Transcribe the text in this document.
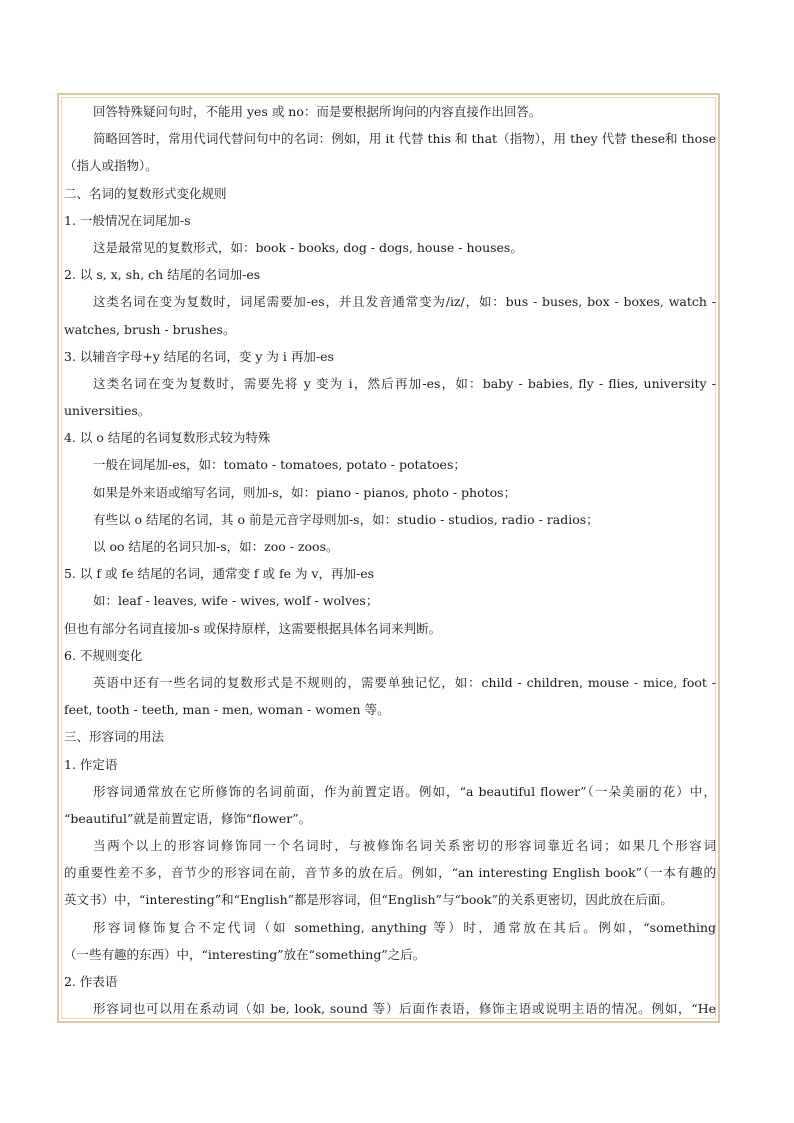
回答特殊疑问句时，不能用 yes 或 no：而是要根据所询问的内容直接作出回答。
简略回答时，常用代词代替问句中的名词：例如，用 it 代替 this 和 that（指物），用 they 代替 these和 those
（指人或指物）。
二、名词的复数形式变化规则
1. 一般情况在词尾加-s
这是最常见的复数形式，如：book - books, dog - dogs, house - houses。
2. 以 s, x, sh, ch 结尾的名词加-es
这类名词在变为复数时，词尾需要加-es，并且发音通常变为/iz/，如：bus - buses, box - boxes, watch -
watches, brush - brushes。
3. 以辅音字母+y 结尾的名词，变 y 为 i 再加-es
这类名词在变为复数时，需要先将 y 变为 i，然后再加-es，如：baby - babies, fly - flies, university -
universities。
4. 以 o 结尾的名词复数形式较为特殊
一般在词尾加-es，如：tomato - tomatoes, potato - potatoes；
如果是外来语或缩写名词，则加-s，如：piano - pianos, photo - photos；
有些以 o 结尾的名词，其 o 前是元音字母则加-s，如：studio - studios, radio - radios；
以 oo 结尾的名词只加-s，如：zoo - zoos。
5. 以 f 或 fe 结尾的名词，通常变 f 或 fe 为 v，再加-es
如：leaf - leaves, wife - wives, wolf - wolves；
但也有部分名词直接加-s 或保持原样，这需要根据具体名词来判断。
6. 不规则变化
英语中还有一些名词的复数形式是不规则的，需要单独记忆，如：child - children, mouse - mice, foot -
feet, tooth - teeth, man - men, woman - women 等。
三、形容词的用法
1. 作定语
形容词通常放在它所修饰的名词前面，作为前置定语。例如，“a beautiful flower”（一朵美丽的花）中，
“beautiful”就是前置定语，修饰“flower”。
当两个以上的形容词修饰同一个名词时，与被修饰名词关系密切的形容词靠近名词；如果几个形容词
的重要性差不多，音节少的形容词在前，音节多的放在后。例如，“an interesting English book”（一本有趣的
英文书）中，“interesting”和“English”都是形容词，但“English”与“book”的关系更密切，因此放在后面。
形容词修饰复合不定代词（如 something, anything 等）时，通常放在其后。例如，“something
（一些有趣的东西）中，“interesting”放在“something”之后。
2. 作表语
形容词也可以用在系动词（如 be, look, sound 等）后面作表语，修饰主语或说明主语的情况。例如，“He
